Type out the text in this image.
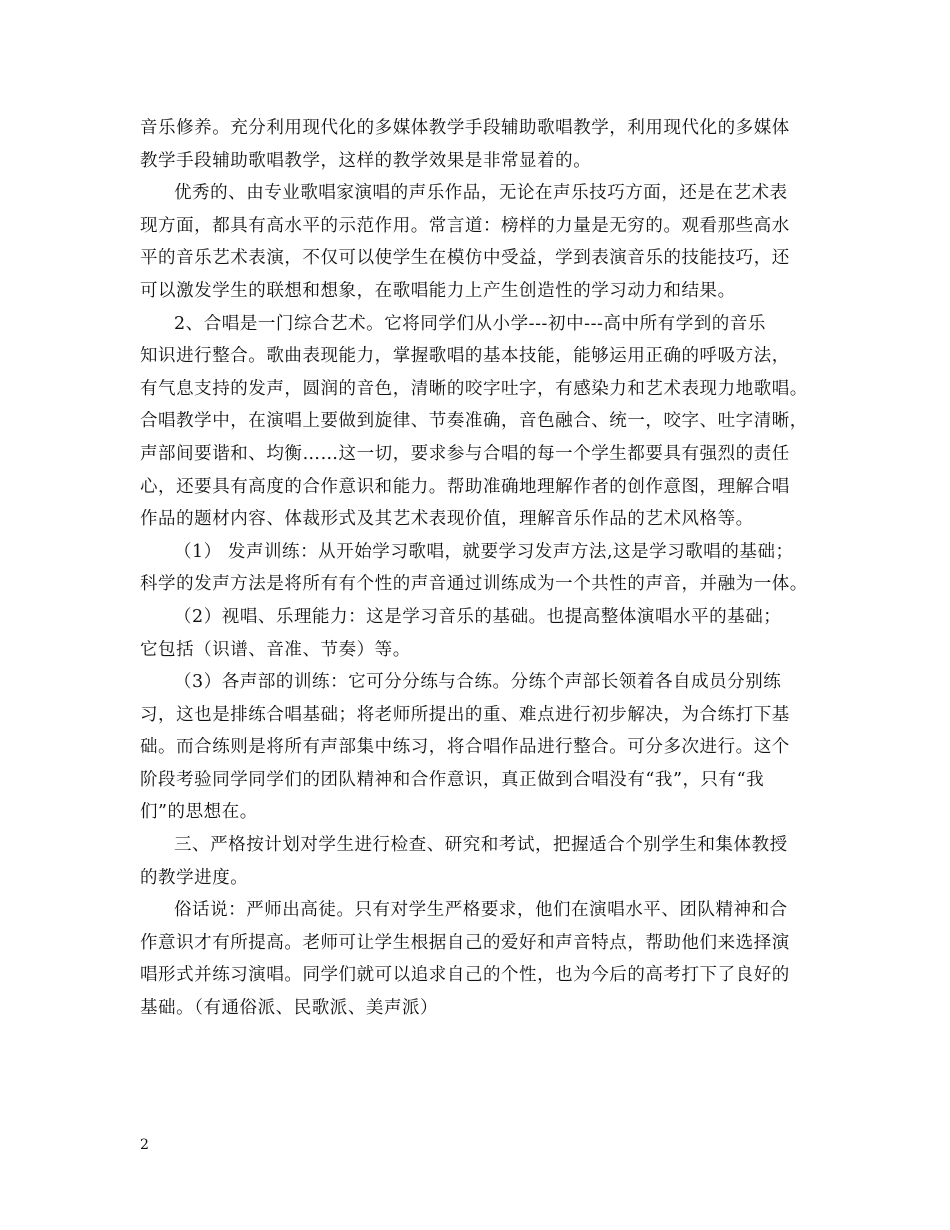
音乐修养。充分利用现代化的多媒体教学手段辅助歌唱教学，利用现代化的多媒体
教学手段辅助歌唱教学，这样的教学效果是非常显着的。

优秀的、由专业歌唱家演唱的声乐作品，无论在声乐技巧方面，还是在艺术表
现方面，都具有高水平的示范作用。常言道：榜样的力量是无穷的。观看那些高水
平的音乐艺术表演，不仅可以使学生在模仿中受益，学到表演音乐的技能技巧，还
可以激发学生的联想和想象，在歌唱能力上产生创造性的学习动力和结果。

2、合唱是一门综合艺术。它将同学们从小学---初中---高中所有学到的音乐
知识进行整合。歌曲表现能力，掌握歌唱的基本技能，能够运用正确的呼吸方法，
有气息支持的发声，圆润的音色，清晰的咬字吐字，有感染力和艺术表现力地歌唱。
合唱教学中，在演唱上要做到旋律、节奏准确，音色融合、统一，咬字、吐字清晰，
声部间要谐和、均衡……这一切，要求参与合唱的每一个学生都要具有强烈的责任
心，还要具有高度的合作意识和能力。帮助准确地理解作者的创作意图，理解合唱
作品的题材内容、体裁形式及其艺术表现价值，理解音乐作品的艺术风格等。

（1） 发声训练：从开始学习歌唱，就要学习发声方法,这是学习歌唱的基础；
科学的发声方法是将所有有个性的声音通过训练成为一个共性的声音，并融为一体。

（2）视唱、乐理能力：这是学习音乐的基础。也提高整体演唱水平的基础；
它包括（识谱、音准、节奏）等。

（3）各声部的训练：它可分分练与合练。分练个声部长领着各自成员分别练
习，这也是排练合唱基础；将老师所提出的重、难点进行初步解决，为合练打下基
础。而合练则是将所有声部集中练习，将合唱作品进行整合。可分多次进行。这个
阶段考验同学同学们的团队精神和合作意识，真正做到合唱没有“我”，只有“我
们”的思想在。

三、严格按计划对学生进行检查、研究和考试，把握适合个别学生和集体教授
的教学进度。

俗话说：严师出高徒。只有对学生严格要求，他们在演唱水平、团队精神和合
作意识才有所提高。老师可让学生根据自己的爱好和声音特点，帮助他们来选择演
唱形式并练习演唱。同学们就可以追求自己的个性，也为今后的高考打下了良好的
基础。（有通俗派、民歌派、美声派）

2
